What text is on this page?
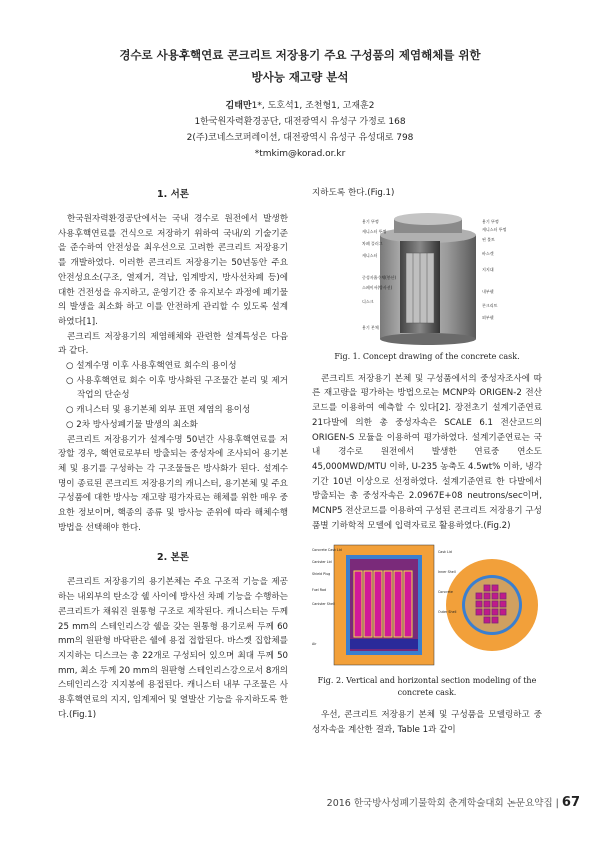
경수로 사용후핵연료 콘크리트 저장용기 주요 구성품의 제염해체를 위한
방사능 재고량 분석
김태만1*, 도호석1, 조천형1, 고재훈2
1한국원자력환경공단, 대전광역시 유성구 가정로 168
2(주)코네스코퍼레이션, 대전광역시 유성구 유성대로 798
*tmkim@korad.or.kr
1. 서론

한국원자력환경공단에서는 국내 경수로 원전에서 발생한 사용후핵연료를 건식으로 저장하기 위하여 국내/외 기술기준을 준수하여 안전성을 최우선으로 고려한 콘크리트 저장용기를 개발하였다. 이러한 콘크리트 저장용기는 50년동안 주요 안전성요소(구조, 열제거, 격납, 임계방지, 방사선차폐 등)에 대한 건전성을 유지하고, 운영기간 중 유지보수 과정에 폐기물의 발생을 최소화 하고 이를 안전하게 관리할 수 있도록 설계하였다[1].

콘크리트 저장용기의 제염해체와 관련한 설계특성은 다음과 같다.

○ 설계수명 이후 사용후핵연료 회수의 용이성
○ 사용후핵연료 회수 이후 방사화된 구조물간 분리 및 제거작업의 단순성
○ 캐니스터 및 용기본체 외부 표면 제염의 용이성
○ 2차 방사성폐기물 발생의 최소화

콘크리트 저장용기가 설계수명 50년간 사용후핵연료를 저장할 경우, 핵연료로부터 방출되는 중성자에 조사되어 용기본체 및 용기를 구성하는 각 구조물들은 방사화가 된다. 설계수명이 종료된 콘크리트 저장용기의 캐니스터, 용기본체 및 주요 구성품에 대한 방사능 재고량 평가자료는 해체를 위한 매우 중요한 정보이며, 핵종의 종류 및 방사능 준위에 따라 해체수행 방법을 선택해야 한다.

2. 본론

콘크리트 저장용기의 용기본체는 주요 구조적 기능을 제공하는 내외부의 탄소강 쉘 사이에 방사선 차폐 기능을 수행하는 콘크리트가 채워진 원통형 구조로 제작된다. 캐니스터는 두께 25 mm의 스테인리스강 쉘을 갖는 원통형 용기로써 두께 60 mm의 원판형 바닥판은 쉘에 용접 접합된다. 바스켓 집합체를 지지하는 디스크는 총 22개로 구성되어 있으며 최대 두께 50 mm, 최소 두께 20 mm의 원판형 스테인리스강으로서 8개의 스테인리스강 지지봉에 용접된다. 캐니스터 내부 구조물은 사용후핵연료의 지지, 임계제어 및 열발산 기능을 유지하도록 한다.(Fig.1)

지하도록 한다.(Fig.1)

용기 뚜껑
캐니스터 뚜껑
차폐 플러그
캐니스터
중성자흡수체(붕산)
스페이서(방사선)
디스크
용기 본체
용기 뚜껑
캐니스터 뚜껑
핀 볼트
바스켓
지지대
내부쉘
콘크리트
외부쉘
Fig. 1. Concept drawing of the concrete cask.

콘크리트 저장용기 본체 및 구성품에서의 중성자조사에 따른 재고량을 평가하는 방법으로는 MCNP와 ORIGEN-2 전산코드를 이용하여 예측할 수 있다[2]. 장전초기 설계기준연료 21다발에 의한 총 중성자속은 SCALE 6.1 전산코드의 ORIGEN-S 모듈을 이용하여 평가하였다. 설계기준연료는 국내 경수로 원전에서 발생한 연료중 연소도 45,000MWD/MTU 이하, U-235 농축도 4.5wt% 이하, 냉각기간 10년 이상으로 선정하였다. 설계기준연료 한 다발에서 방출되는 총 중성자속은 2.0967E+08 neutrons/sec이며, MCNP5 전산코드를 이용하여 구성된 콘크리트 저장용기 구성품별 기하학적 모델에 입력자료로 활용하였다.(Fig.2)

Concrete Cask Lid
Canister Lid
Shield Plug
Fuel Rod
Canister Shell
Air
Cask Lid
Inner Shell
Concrete
Outer Shell
Fig. 2. Vertical and horizontal section modeling of the
concrete cask.

우선, 콘크리트 저장용기 본체 및 구성품을 모델링하고 중성자속을 계산한 결과, Table 1과 같이

2016 한국방사성폐기물학회 춘계학술대회 논문요약집 | 67
